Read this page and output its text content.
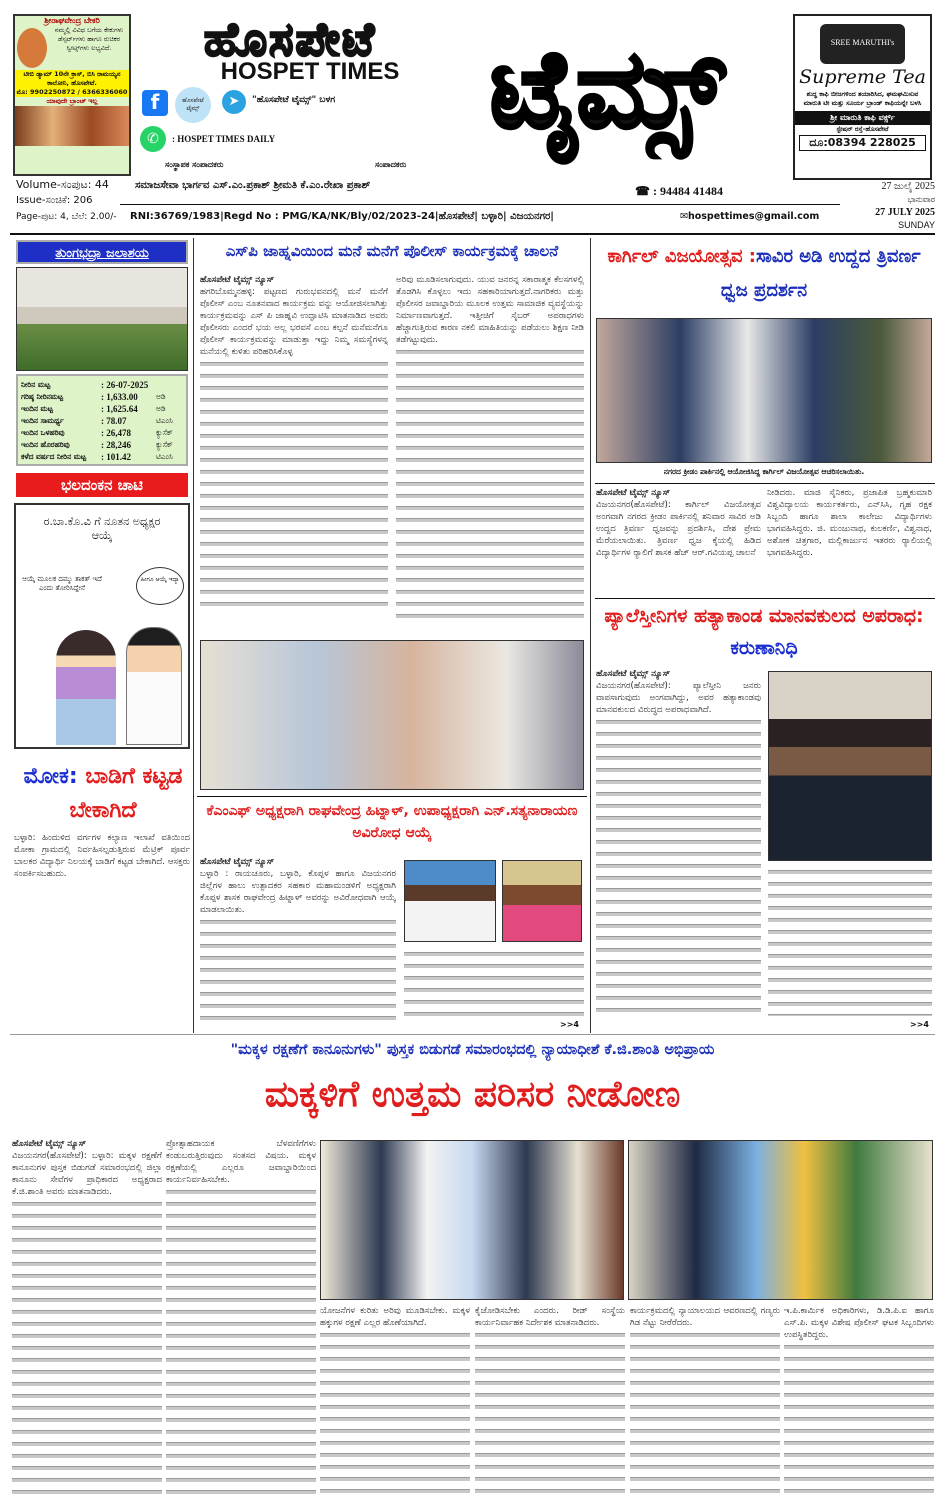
ಶ್ರೀರಾಘವೇಂದ್ರ ಬೇಕರಿ
ನಮ್ಮಲ್ಲಿ ವಿವಿಧ ಬಗೆಯ ಕೇಕುಗಳು ಡೆಸ್ಸರ್ಟ್‌ಗಳು ಹಾಗೂ ರುಚಿಕರ ಸ್ವೀಟ್ಸ್‌ಗಳು ಲಭ್ಯವಿದೆ.
ಟೀಬಿ ಡ್ಯಾಮ್ 10ನೇ ಕ್ರಾಸ್, ಬಿಸಿ ರಾಮಯ್ಯನ ಕಾಲೋನಿ, ಹೊಸಪೇಟೆ.
ಮೊ: 9902250872 / 6366336060
ಯಾವುದೇ ಬ್ರಾಂಚ್ ಇಲ್ಲ
ಹೊಸಪೇಟೆ
HOSPET TIMES
f	ಹೊಸಪೇಟೆ ಟೈಮ್ಸ್	➤	"ಹೊಸಪೇಟೆ ಟೈಮ್ಸ್" ಬಳಗ
✆	: HOSPET TIMES DAILY
ಸಂಸ್ಥಾಪಕ ಸಂಪಾದಕರು	ಸಂಪಾದಕರು
ಟೈಮ್ಸ್	SREE MARUTHI's
Supreme Tea
ಶುದ್ಧ ಕಾಫಿ ಬೀಜಗಳಿಂದ ತಯಾರಿಸಿದ, ಘಮಘಮಿಸುವ ಮಾರುತಿ ಟೀ ಮತ್ತು ಸೂರ್ಯ ಬ್ರಾಂಡ್ ಕಾಫಿಯನ್ನೇ ಬಳಸಿ
ಶ್ರೀ ಮಾರುತಿ ಕಾಫಿ ವರ್ಕ್ಸ್
ಸ್ಟೇಷನ್ ರಸ್ತೆ-ಹೊಸಪೇಟೆ
ದೂ:08394 228025
Volume-ಸಂಪುಟ: 44
Issue-ಸಂಚಿಕೆ: 206
Page-ಪುಟ: 4, ಬೆಲೆ: 2.00/-
ಸಮಾಜಸೇವಾ ಭಾರ್ಗವ ಎಸ್.ಎಂ.ಪ್ರಕಾಶ್ ಶ್ರೀಮತಿ ಕೆ.ಎಂ.ರೇಖಾ ಪ್ರಕಾಶ್	☎ : 94484 41484
RNI:36769/1983|Regd No : PMG/KA/NK/Bly/02/2023-24|ಹೊಸಪೇಟೆ| ಬಳ್ಳಾರಿ| ವಿಜಯನಗರ|	✉hospettimes@gmail.com
27 ಜುಲೈ 2025
ಭಾನುವಾರ
27 JULY 2025
SUNDAY
ತುಂಗಭದ್ರಾ ಜಲಾಶಯ
ನೀರಿನ ಮಟ್ಟ	: 26-07-2025
ಗರಿಷ್ಠ ನೀರಿನಮಟ್ಟ	: 1,633.00	ಅಡಿ
ಇಂದಿನ ಮಟ್ಟ	: 1,625.64	ಅಡಿ
ಇಂದಿನ ಸಾಮರ್ಥ್ಯ	: 78.07	ಟಿಎಂಸಿ
ಇಂದಿನ ಒಳಹರಿವು	: 26,478	ಕ್ಯುಸೆಕ್
ಇಂದಿನ ಹೊರಹರಿವು	: 28,246	ಕ್ಯುಸೆಕ್
ಕಳೆದ ವರ್ಷದ ನೀರಿನ ಮಟ್ಟ	: 101.42	ಟಿಎಂಸಿ
ಭಲದಂಕನ ಚಾಟಿ
ರ.ಬಾ.ಕೊ.ವಿ ಗೆ ನೂತನ ಅಧ್ಯಕ್ಷರ ಆಯ್ಕೆ
ಆಯ್ಕೆ ಮೂಲಕ ದಮ್ಮು ತಾಕತ್ ಇದೆ ಎಂದು ತೋರಿಸಿದ್ದೇನೆ
ಹೀಗೂ ಆಯ್ಕೆ ಇದ್ಯಾ
ಮೋಕ: ಬಾಡಿಗೆ ಕಟ್ಟಡ ಬೇಕಾಗಿದೆ
ಬಳ್ಳಾರಿ: ಹಿಂದುಳಿದ ವರ್ಗಗಳ ಕಲ್ಯಾಣ ಇಲಾಖೆ ವತಿಯಿಂದ ಮೋಕಾ ಗ್ರಾಮದಲ್ಲಿ ನಿರ್ವಹಿಸಲ್ಪಡುತ್ತಿರುವ ಮೆಟ್ರಿಕ್ ಪೂರ್ವ ಬಾಲಕರ ವಿದ್ಯಾರ್ಥಿ ನಿಲಯಕ್ಕೆ ಬಾಡಿಗೆ ಕಟ್ಟಡ ಬೇಕಾಗಿದೆ. ಆಸಕ್ತರು ಸಂಪರ್ಕಿಸಬಹುದು.
ಎಸ್‌ಪಿ ಜಾಹ್ನವಿಯಿಂದ ಮನೆ ಮನೆಗೆ ಪೊಲೀಸ್ ಕಾರ್ಯಕ್ರಮಕ್ಕೆ ಚಾಲನೆ
ಹೊಸಪೇಟೆ ಟೈಮ್ಸ್ ನ್ಯೂಸ್
ಹಗರಿಬೊಮ್ಮನಹಳ್ಳಿ: ಪಟ್ಟಣದ ಗುರುಭವನದಲ್ಲಿ ಮನೆ ಮನೆಗೆ ಪೊಲೀಸ್ ಎಂಬ ನೂತನವಾದ ಕಾರ್ಯಕ್ರಮ ವನ್ನು ಆಯೋಜಿಸಲಾಗಿತ್ತು ಕಾರ್ಯಕ್ರಮವನ್ನು ಎಸ್ ಪಿ ಜಾಹ್ನವಿ ಉದ್ಘಾಟಿಸಿ ಮಾತನಾಡಿದ ಅವರು ಪೊಲೀಸರು ಎಂದರೆ ಭಯ ಅಲ್ಲ ಭರವಸೆ ಎಂಬ ಕಲ್ಪನೆ ಮನೆಮನೆಗೂ ಪೊಲೀಸ್ ಕಾರ್ಯಕ್ರಮವನ್ನು ಮಾಡುತ್ತಾ ಇದ್ದು ನಿಮ್ಮ ಸಮಸ್ಯೆಗಳನ್ನ ಮನೆಯಲ್ಲಿ ಕುಳಿತು ಪರಿಹರಿಸಿಕೊಳ್ಳ
ಅರಿವು ಮೂಡಿಸಲಾಗುವುದು. ಯುವ ಜನರನ್ನ ಸಕಾರಾತ್ಮಕ ಕೆಲಸಗಳಲ್ಲಿ ತೊಡಗಿಸಿ ಕೊಳ್ಳಲು ಇದು ಸಹಕಾರಿಯಾಗುತ್ತದೆ.ನಾಗರಿಕರು ಮತ್ತು ಪೊಲೀಸರ ಜವಾಬ್ದಾರಿಯ ಮೂಲಕ ಉತ್ತಮ ಸಾಮಾಜಿಕ ವ್ಯವಸ್ಥೆಯನ್ನು ನಿರ್ಮಾಣವಾಗುತ್ತದೆ. ಇತ್ತೀಚಿಗೆ ಸೈಬರ್ ಅಪರಾಧಗಳು ಹೆಚ್ಚಾಗುತ್ತಿರುವ ಕಾರಣ ನಕಲಿ ಮಾಹಿತಿಯನ್ನು ಪಡೆಯಲು ಶಿಕ್ಷಣ ನೀಡಿ ತಡೆಗಟ್ಟುವುದು.
ಕೆಎಂಎಫ್ ಅಧ್ಯಕ್ಷರಾಗಿ ರಾಘವೇಂದ್ರ ಹಿಟ್ನಾಳ್, ಉಪಾಧ್ಯಕ್ಷರಾಗಿ ಎನ್.ಸತ್ಯನಾರಾಯಣ ಅವಿರೋಧ ಆಯ್ಕೆ
ಹೊಸಪೇಟೆ ಟೈಮ್ಸ್ ನ್ಯೂಸ್
ಬಳ್ಳಾರಿ : ರಾಯಚೂರು, ಬಳ್ಳಾರಿ, ಕೊಪ್ಪಳ ಹಾಗೂ ವಿಜಯನಗರ ಜಿಲ್ಲೆಗಳ ಹಾಲು ಉತ್ಪಾದಕರ ಸಹಕಾರ ಮಹಾಮಂಡಳಿಗೆ ಅಧ್ಯಕ್ಷರಾಗಿ ಕೊಪ್ಪಳ ಶಾಸಕ ರಾಘವೇಂದ್ರ ಹಿಟ್ನಾಳ್ ಅವರನ್ನು ಅವಿರೋಧವಾಗಿ ಆಯ್ಕೆ ಮಾಡಲಾಯಿತು.
>>4
ಕಾರ್ಗಿಲ್ ವಿಜಯೋತ್ಸವ :ಸಾವಿರ ಅಡಿ ಉದ್ದದ ತ್ರಿವರ್ಣ ಧ್ವಜ ಪ್ರದರ್ಶನ
ನಗರದ ಕ್ರೀಡಂ ಪಾರ್ಕಿನಲ್ಲಿ ಆಯೋಜಿಸಿದ್ದ ಕಾರ್ಗಿಲ್ ವಿಜಯೋತ್ಸವ ಆಚರಿಸಲಾಯಿತು.
ಹೊಸಪೇಟೆ ಟೈಮ್ಸ್ ನ್ಯೂಸ್
ವಿಜಯನಗರ(ಹೊಸಪೇಟೆ): ಕಾರ್ಗಿಲ್ ವಿಜಯೋತ್ಸವ ಅಂಗವಾಗಿ ನಗರದ ಕ್ರೀಡಂ ಪಾರ್ಕಿನಲ್ಲಿ ಶನಿವಾರ ಸಾವಿರ ಅಡಿ ಉದ್ದದ ತ್ರಿವರ್ಣ ಧ್ವಜವನ್ನು ಪ್ರದರ್ಶಿಸಿ, ದೇಶ ಪ್ರೇಮ ಮೆರೆಯಲಾಯಿತು. ತ್ರಿವರ್ಣ ಧ್ವಜ ಕೈಯಲ್ಲಿ ಹಿಡಿದ ವಿದ್ಯಾರ್ಥಿಗಳ ರ್‍ಯಾಲಿಗೆ ಶಾಸಕ ಹೆಚ್ ಆರ್.ಗವಿಯಪ್ಪ ಚಾಲನೆ
ನೀಡಿದರು. ಮಾಜಿ ಸೈನಿಕರು, ಪ್ರಜಾಪಿತ ಬ್ರಹ್ಮಕುಮಾರಿ ವಿಶ್ವವಿದ್ಯಾಲಯ ಕಾರ್ಯಕರ್ತರು, ಎನ್‌ಸಿಸಿ, ಗೃಹ ರಕ್ಷಕ ಸಿಬ್ಬಂದಿ ಹಾಗೂ ಶಾಲಾ ಕಾಲೇಜು ವಿದ್ಯಾರ್ಥಿಗಳು ಭಾಗವಹಿಸಿದ್ದರು. ಜಿ. ಮಂಜುನಾಥ, ಕುಲಕರ್ಣಿ, ವಿಶ್ವನಾಥ, ಅಶೋಕ ಚಿತ್ರಗಾರ, ಮಲ್ಲಿಕಾರ್ಜುನ ಇತರರು ರ್‍ಯಾಲಿಯಲ್ಲಿ ಭಾಗವಹಿಸಿದ್ದರು.
ಪ್ಯಾಲೆಸ್ತೀನಿಗಳ ಹತ್ಯಾಕಾಂಡ ಮಾನವಕುಲದ ಅಪರಾಧ: ಕರುಣಾನಿಧಿ
ಹೊಸಪೇಟೆ ಟೈಮ್ಸ್ ನ್ಯೂಸ್
ವಿಜಯನಗರ(ಹೊಸಪೇಟೆ): ಪ್ಯಾಲೆಸ್ತೀನಿ ಜನರು ವಾಪಸಾಗುವುದು ಅಂಗವಾಗಿದ್ದು, ಅವರ ಹತ್ಯಾಕಾಂಡವು ಮಾನವಕುಲದ ವಿರುದ್ಧದ ಅಪರಾಧವಾಗಿದೆ.
>>4
"ಮಕ್ಕಳ ರಕ್ಷಣೆಗೆ ಕಾನೂನುಗಳು" ಪುಸ್ತಕ ಬಿಡುಗಡೆ ಸಮಾರಂಭದಲ್ಲಿ ನ್ಯಾಯಾಧೀಶೆ ಕೆ.ಜಿ.ಶಾಂತಿ ಅಭಿಪ್ರಾಯ
ಮಕ್ಕಳಿಗೆ ಉತ್ತಮ ಪರಿಸರ ನೀಡೋಣ
ಹೊಸಪೇಟೆ ಟೈಮ್ಸ್ ನ್ಯೂಸ್
ವಿಜಯನಗರ(ಹೊಸಪೇಟೆ): ಬಳ್ಳಾರಿ: ಮಕ್ಕಳ ರಕ್ಷಣೆಗೆ ಕಾನೂನುಗಳ ಪುಸ್ತಕ ಬಿಡುಗಡೆ ಸಮಾರಂಭದಲ್ಲಿ ಜಿಲ್ಲಾ ಕಾನೂನು ಸೇವೆಗಳ ಪ್ರಾಧಿಕಾರದ ಅಧ್ಯಕ್ಷರಾದ ಕೆ.ಜಿ.ಶಾಂತಿ ಅವರು ಮಾತನಾಡಿದರು.
ಪ್ರೋತ್ಸಾಹದಾಯಕ ಬೆಳವಣಿಗೆಗಳು ಕಂಡುಬರುತ್ತಿರುವುದು ಸಂತಸದ ವಿಷಯ. ಮಕ್ಕಳ ರಕ್ಷಣೆಯಲ್ಲಿ ಎಲ್ಲರೂ ಜವಾಬ್ದಾರಿಯಿಂದ ಕಾರ್ಯನಿರ್ವಹಿಸಬೇಕು.
ಯೋಜನೆಗಳ ಕುರಿತು ಅರಿವು ಮೂಡಿಸಬೇಕು. ಮಕ್ಕಳ ಹಕ್ಕುಗಳ ರಕ್ಷಣೆ ಎಲ್ಲರ ಹೊಣೆಯಾಗಿದೆ.
ಕೈಜೋಡಿಸಬೇಕು ಎಂದರು. ರೀಡ್ ಸಂಸ್ಥೆಯ ಕಾರ್ಯನಿರ್ವಾಹಕ ನಿರ್ದೇಶಕ ಮಾತನಾಡಿದರು.
ಕಾರ್ಯಕ್ರಮದಲ್ಲಿ ನ್ಯಾಯಾಲಯದ ಆವರಣದಲ್ಲಿ ಗಣ್ಯರು ಗಿಡ ನೆಟ್ಟು ನೀರೆರೆದರು.
ಇ.ಪಿ.ಕಾರ್ಮಿಕ ಅಧಿಕಾರಿಗಳು, ಡಿ.ಡಿ.ಪಿ.ಐ ಹಾಗೂ ಎಸ್‌.ಪಿ. ಮಕ್ಕಳ ವಿಶೇಷ ಪೊಲೀಸ್ ಘಟಕ ಸಿಬ್ಬಂದಿಗಳು ಉಪಸ್ಥಿತರಿದ್ದರು.
